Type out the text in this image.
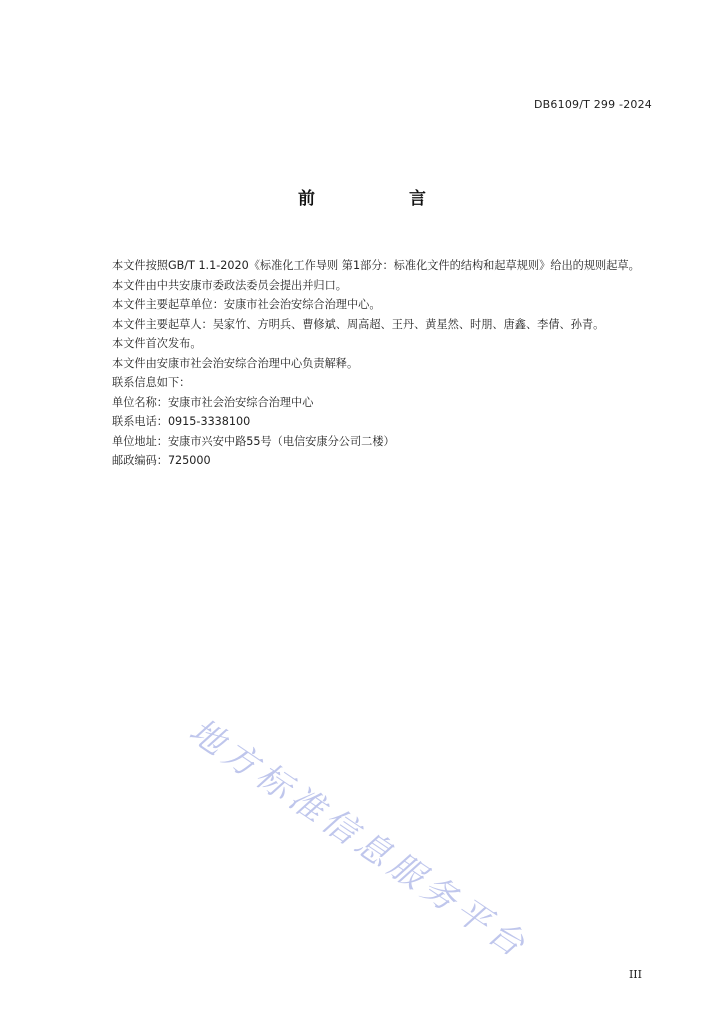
DB6109/T 299 -2024
前 言

本文件按照GB/T 1.1-2020《标准化工作导则 第1部分：标准化文件的结构和起草规则》给出的规则起草。

本文件由中共安康市委政法委员会提出并归口。

本文件主要起草单位：安康市社会治安综合治理中心。

本文件主要起草人：吴家竹、方明兵、曹修斌、周高超、王丹、黄星然、时朋、唐鑫、李倩、孙青。

本文件首次发布。

本文件由安康市社会治安综合治理中心负责解释。

联系信息如下：

单位名称：安康市社会治安综合治理中心

联系电话：0915-3338100

单位地址：安康市兴安中路55号（电信安康分公司二楼）

邮政编码：725000

地方标准信息服务平台
III
